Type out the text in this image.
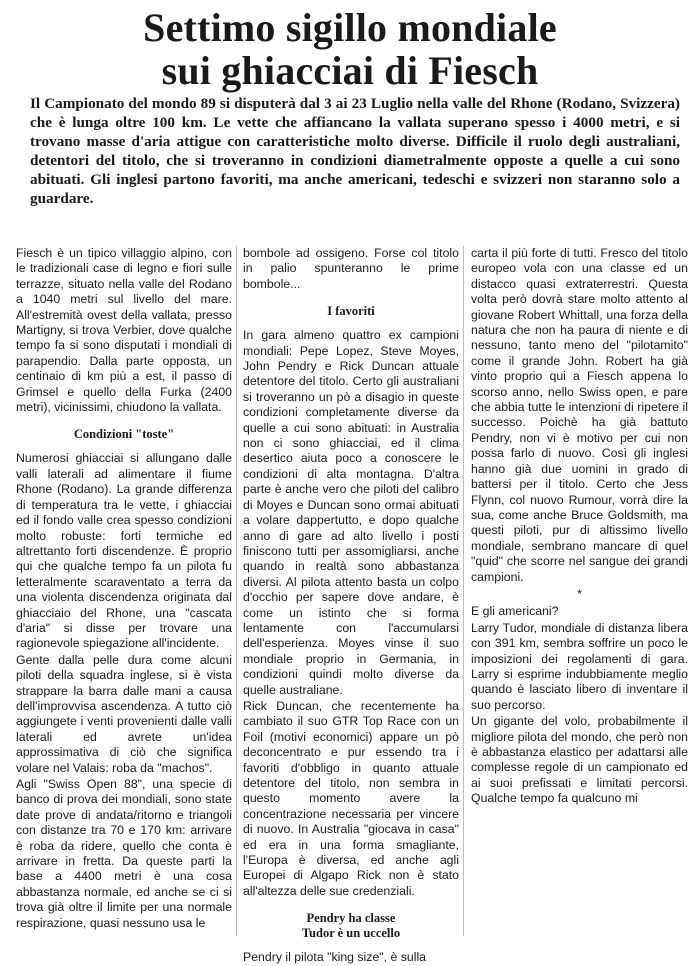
Settimo sigillo mondiale
sui ghiacciai di Fiesch

Il Campionato del mondo 89 si disputerà dal 3 ai 23 Luglio nella valle del Rhone (Rodano, Svizzera) che è lunga oltre 100 km. Le vette che affiancano la vallata superano spesso i 4000 metri, e si trovano masse d'aria attigue con caratteristiche molto diverse. Difficile il ruolo degli australiani, detentori del titolo, che si troveranno in condizioni diametralmente opposte a quelle a cui sono abituati. Gli inglesi partono favoriti, ma anche americani, tedeschi e svizzeri non staranno solo a guardare.

Fiesch è un tipico villaggio alpino, con le tradizionali case di legno e fiori sulle terrazze, situato nella valle del Rodano a 1040 metri sul livello del mare. All'estremità ovest della vallata, presso Martigny, si trova Verbier, dove qualche tempo fa si sono disputati i mondiali di parapendio. Dalla parte opposta, un centinaio di km più a est, il passo di Grimsel e quello della Furka (2400 metri), vicinissimi, chiudono la vallata.

Condizioni "toste"

Numerosi ghiacciai si allungano dalle valli laterali ad alimentare il fiume Rhone (Rodano). La grande differenza di temperatura tra le vette, i ghiacciai ed il fondo valle crea spesso condizioni molto robuste: forti termiche ed altrettanto forti discendenze. È proprio qui che qualche tempo fa un pilota fu letteralmente scaraventato a terra da una violenta discendenza originata dal ghiacciaio del Rhone, una "cascata d'aria" si disse per trovare una ragionevole spiegazione all'incidente.

Gente dalla pelle dura come alcuni piloti della squadra inglese, si è vista strappare la barra dalle mani a causa dell'improvvisa ascendenza. A tutto ciò aggiungete i venti provenienti dalle valli laterali ed avrete un'idea approssimativa di ciò che significa volare nel Valais: roba da "machos".

Agli "Swiss Open 88", una specie di banco di prova dei mondiali, sono state date prove di andata/ritorno e triangoli con distanze tra 70 e 170 km: arrivare è roba da ridere, quello che conta è arrivare in fretta. Da queste parti la base a 4400 metri è una cosa abbastanza normale, ed anche se ci si trova già oltre il limite per una normale respirazione, quasi nessuno usa le

bombole ad ossigeno. Forse col titolo in palio spunteranno le prime bombole...

I favoriti

In gara almeno quattro ex campioni mondiali: Pepe Lopez, Steve Moyes, John Pendry e Rick Duncan attuale detentore del titolo. Certo gli australiani si troveranno un pò a disagio in queste condizioni completamente diverse da quelle a cui sono abituati: in Australia non ci sono ghiacciai, ed il clima desertico aiuta poco a conoscere le condizioni di alta montagna. D'altra parte è anche vero che piloti del calibro di Moyes e Duncan sono ormai abituati a volare dappertutto, e dopo qualche anno di gare ad alto livello i posti finiscono tutti per assomigliarsi, anche quando in realtà sono abbastanza diversi. Al pilota attento basta un colpo d'occhio per sapere dove andare, è come un istinto che si forma lentamente con l'accumularsi dell'esperienza. Moyes vinse il suo mondiale proprio in Germania, in condizioni quindi molto diverse da quelle australiane.

Rick Duncan, che recentemente ha cambiato il suo GTR Top Race con un Foil (motivi economici) appare un pò deconcentrato e pur essendo tra i favoriti d'obbligo in quanto attuale detentore del titolo, non sembra in questo momento avere la concentrazione necessaria per vincere di nuovo. In Australia "giocava in casa" ed era in una forma smagliante, l'Europa è diversa, ed anche agli Europei di Algapo Rick non è stato all'altezza delle sue credenziali.

Pendry ha classe
Tudor è un uccello

Pendry il pilota "king size", è sulla

carta il più forte di tutti. Fresco del titolo europeo vola con una classe ed un distacco quasi extraterrestri. Questa volta però dovrà stare molto attento al giovane Robert Whittall, una forza della natura che non ha paura di niente e di nessuno, tanto meno del "pilotamito" come il grande John. Robert ha già vinto proprio qui a Fiesch appena lo scorso anno, nello Swiss open, e pare che abbia tutte le intenzioni di ripetere il successo. Poichè ha già battuto Pendry, non vi è motivo per cui non possa farlo di nuovo. Così gli inglesi hanno già due uomini in grado di battersi per il titolo. Certo che Jess Flynn, col nuovo Rumour, vorrà dire la sua, come anche Bruce Goldsmith, ma questi piloti, pur di altissimo livello mondiale, sembrano mancare di quel "quid" che scorre nel sangue dei grandi campioni.

*

E gli americani?

Larry Tudor, mondiale di distanza libera con 391 km, sembra soffrire un poco le imposizioni dei regolamenti di gara. Larry si esprime indubbiamente meglio quando è lasciato libero di inventare il suo percorso.

Un gigante del volo, probabilmente il migliore pilota del mondo, che però non è abbastanza elastico per adattarsi alle complesse regole di un campionato ed ai suoi prefissati e limitati percorsi. Qualche tempo fa qualcuno mi
